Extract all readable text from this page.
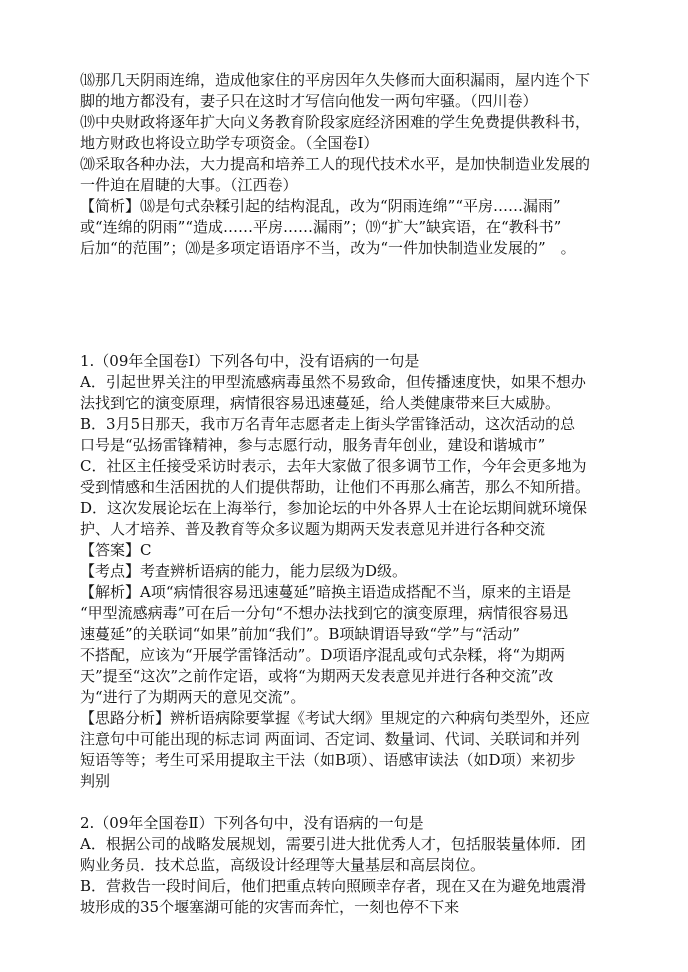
⒅那几天阴雨连绵，造成他家住的平房因年久失修而大面积漏雨，屋内连个下

脚的地方都没有，妻子只在这时才写信向他发一两句牢骚。（四川卷）

⒆中央财政将逐年扩大向义务教育阶段家庭经济困难的学生免费提供教科书，

地方财政也将设立助学专项资金。（全国卷Ⅰ）

⒇采取各种办法，大力提高和培养工人的现代技术水平，是加快制造业发展的

一件迫在眉睫的大事。（江西卷）

【简析】⒅是句式杂糅引起的结构混乱，改为“阴雨连绵”“平房……漏雨”

或“连绵的阴雨”“造成……平房……漏雨”；⒆“扩大”缺宾语，在“教科书”

后加“的范围”；⒇是多项定语语序不当，改为“一件加快制造业发展的”　。

1.（09年全国卷Ⅰ）下列各句中，没有语病的一句是

A．引起世界关注的甲型流感病毒虽然不易致命，但传播速度快，如果不想办

法找到它的演变原理，病情很容易迅速蔓延，给人类健康带来巨大威胁。

B．3月5日那天，我市万名青年志愿者走上街头学雷锋活动，这次活动的总

口号是“弘扬雷锋精神，参与志愿行动，服务青年创业，建设和谐城市”

C．社区主任接受采访时表示，去年大家做了很多调节工作，今年会更多地为

受到情感和生活困扰的人们提供帮助，让他们不再那么痛苦，那么不知所措。

D．这次发展论坛在上海举行，参加论坛的中外各界人士在论坛期间就环境保

护、人才培养、普及教育等众多议题为期两天发表意见并进行各种交流

【答案】C

【考点】考查辨析语病的能力，能力层级为D级。

【解析】A项“病情很容易迅速蔓延”暗换主语造成搭配不当，原来的主语是

“甲型流感病毒”可在后一分句“不想办法找到它的演变原理，病情很容易迅

速蔓延”的关联词“如果”前加“我们”。B项缺谓语导致“学”与“活动”

不搭配，应该为“开展学雷锋活动”。D项语序混乱或句式杂糅，将“为期两

天”提至“这次”之前作定语，或将“为期两天发表意见并进行各种交流”改

为“进行了为期两天的意见交流”。

【思路分析】辨析语病除要掌握《考试大纲》里规定的六种病句类型外，还应

注意句中可能出现的标志词 两面词、否定词、数量词、代词、关联词和并列

短语等等；考生可采用提取主干法（如B项）、语感审读法（如D项）来初步

判别

2.（09年全国卷Ⅱ）下列各句中，没有语病的一句是

A．根据公司的战略发展规划，需要引进大批优秀人才，包括服装量体师．团

购业务员．技术总监，高级设计经理等大量基层和高层岗位。

B．营救告一段时间后，他们把重点转向照顾幸存者，现在又在为避免地震滑

坡形成的35个堰塞湖可能的灾害而奔忙，一刻也停不下来
